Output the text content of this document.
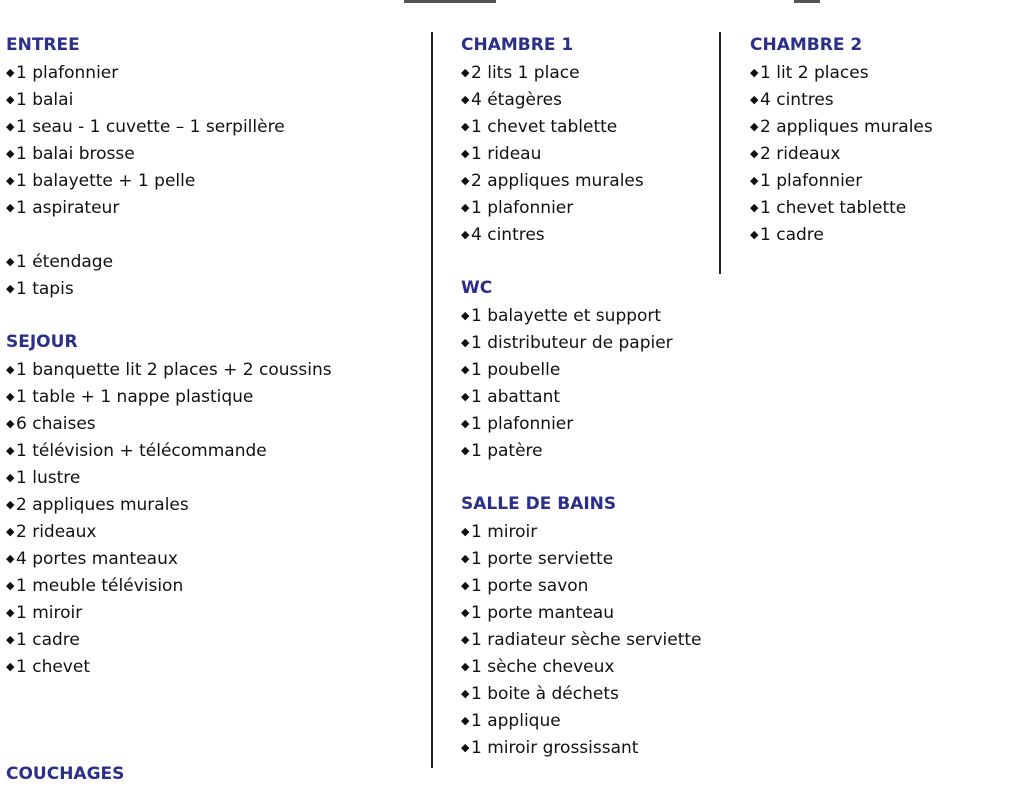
ENTREE
◆1 plafonnier
◆1 balai
◆1 seau - 1 cuvette – 1 serpillère
◆1 balai brosse
◆1 balayette + 1 pelle
◆1 aspirateur
◆1 étendage
◆1 tapis
SEJOUR
◆1 banquette lit 2 places + 2 coussins
◆1 table + 1 nappe plastique
◆6 chaises
◆1 télévision + télécommande
◆1 lustre
◆2 appliques murales
◆2 rideaux
◆4 portes manteaux
◆1 meuble télévision
◆1 miroir
◆1 cadre
◆1 chevet
COUCHAGES
CHAMBRE 1
◆2 lits 1 place
◆4 étagères
◆1 chevet tablette
◆1 rideau
◆2 appliques murales
◆1 plafonnier
◆4 cintres
WC
◆1 balayette et support
◆1 distributeur de papier
◆1 poubelle
◆1 abattant
◆1 plafonnier
◆1 patère
SALLE DE BAINS
◆1 miroir
◆1 porte serviette
◆1 porte savon
◆1 porte manteau
◆1 radiateur sèche serviette
◆1 sèche cheveux
◆1 boite à déchets
◆1 applique
◆1 miroir grossissant
CHAMBRE 2
◆1 lit 2 places
◆4 cintres
◆2 appliques murales
◆2 rideaux
◆1 plafonnier
◆1 chevet tablette
◆1 cadre
